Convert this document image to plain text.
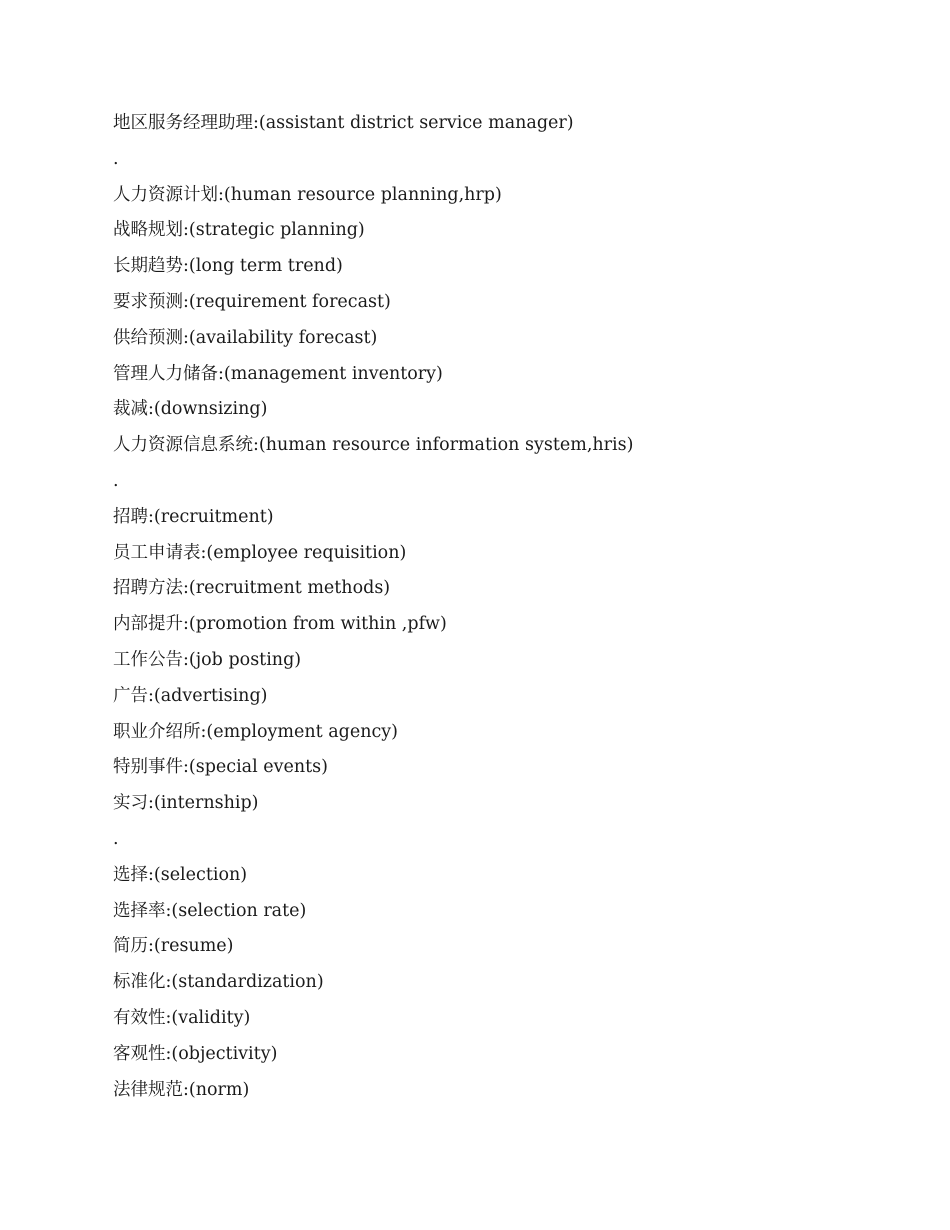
地区服务经理助理:(assistant district service manager)
.
人力资源计划:(human resource planning,hrp)
战略规划:(strategic planning)
长期趋势:(long term trend)
要求预测:(requirement forecast)
供给预测:(availability forecast)
管理人力储备:(management inventory)
裁减:(downsizing)
人力资源信息系统:(human resource information system,hris)
.
招聘:(recruitment)
员工申请表:(employee requisition)
招聘方法:(recruitment methods)
内部提升:(promotion from within ,pfw)
工作公告:(job posting)
广告:(advertising)
职业介绍所:(employment agency)
特别事件:(special events)
实习:(internship)
.
选择:(selection)
选择率:(selection rate)
简历:(resume)
标准化:(standardization)
有效性:(validity)
客观性:(objectivity)
法律规范:(norm)
